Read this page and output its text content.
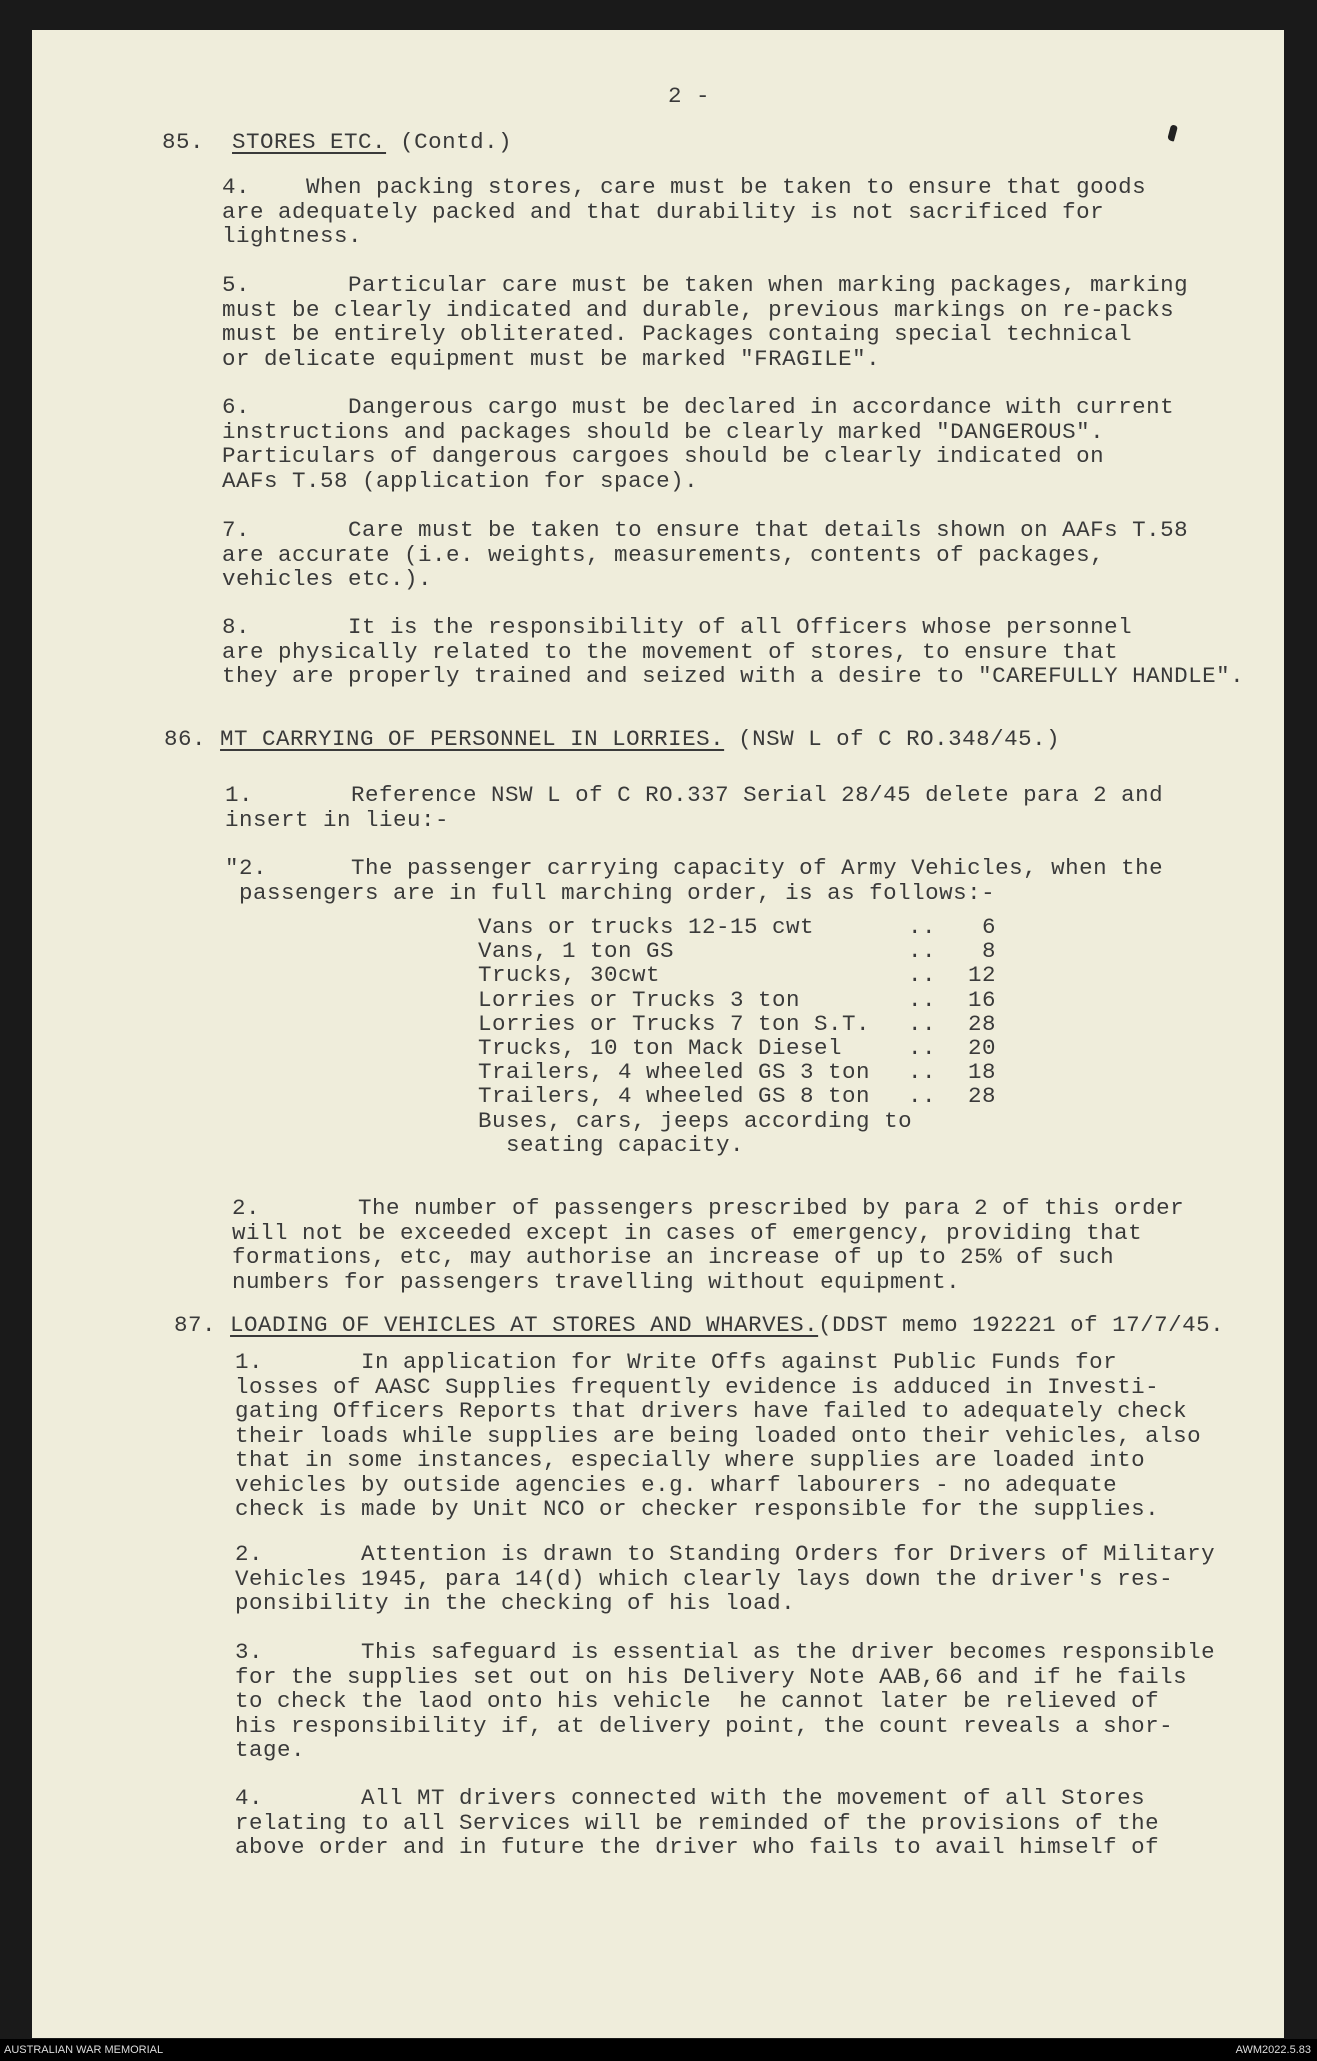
2 -
85. STORES ETC. (Contd.)
4. When packing stores, care must be taken to ensure that goods
are adequately packed and that durability is not sacrificed for
lightness.
5.	Particular care must be taken when marking packages, marking
must be clearly indicated and durable, previous markings on re-packs
must be entirely obliterated. Packages containg special technical
or delicate equipment must be marked "FRAGILE".
6.	Dangerous cargo must be declared in accordance with current
instructions and packages should be clearly marked "DANGEROUS".
Particulars of dangerous cargoes should be clearly indicated on
AAFs T.58 (application for space).
7.	Care must be taken to ensure that details shown on AAFs T.58
are accurate (i.e. weights, measurements, contents of packages,
vehicles etc.).
8.	It is the responsibility of all Officers whose personnel
are physically related to the movement of stores, to ensure that
they are properly trained and seized with a desire to "CAREFULLY HANDLE".
86. MT CARRYING OF PERSONNEL IN LORRIES. (NSW L of C RO.348/45.)
1.	Reference NSW L of C RO.337 Serial 28/45 delete para 2 and
insert in lieu:-
"2.	The passenger carrying capacity of Army Vehicles, when the
passengers are in full marching order, is as follows:-
Vans or trucks 12-15 cwt	.. 6
Vans, 1 ton GS	.. 8
Trucks, 30cwt	.. 12
Lorries or Trucks 3 ton	.. 16
Lorries or Trucks 7 ton S.T. .. 28
Trucks, 10 ton Mack Diesel	.. 20
Trailers, 4 wheeled GS 3 ton .. 18
Trailers, 4 wheeled GS 8 ton .. 28
Buses, cars, jeeps according to
seating capacity.
2.	The number of passengers prescribed by para 2 of this order
will not be exceeded except in cases of emergency, providing that
formations, etc, may authorise an increase of up to 25% of such
numbers for passengers travelling without equipment.
87. LOADING OF VEHICLES AT STORES AND WHARVES.(DDST memo 192221 of 17/7/45.
1.	In application for Write Offs against Public Funds for
losses of AASC Supplies frequently evidence is adduced in Investi-
gating Officers Reports that drivers have failed to adequately check
their loads while supplies are being loaded onto their vehicles, also
that in some instances, especially where supplies are loaded into
vehicles by outside agencies e.g. wharf labourers - no adequate
check is made by Unit NCO or checker responsible for the supplies.
2.	Attention is drawn to Standing Orders for Drivers of Military
Vehicles 1945, para 14(d) which clearly lays down the driver's res-
ponsibility in the checking of his load.
3.	This safeguard is essential as the driver becomes responsible
for the supplies set out on his Delivery Note AAB,66 and if he fails
to check the laod onto his vehicle  he cannot later be relieved of
his responsibility if, at delivery point, the count reveals a shor-
tage.
4.	All MT drivers connected with the movement of all Stores
relating to all Services will be reminded of the provisions of the
above order and in future the driver who fails to avail himself of
AUSTRALIAN WAR MEMORIAL	AWM2022.5.83
